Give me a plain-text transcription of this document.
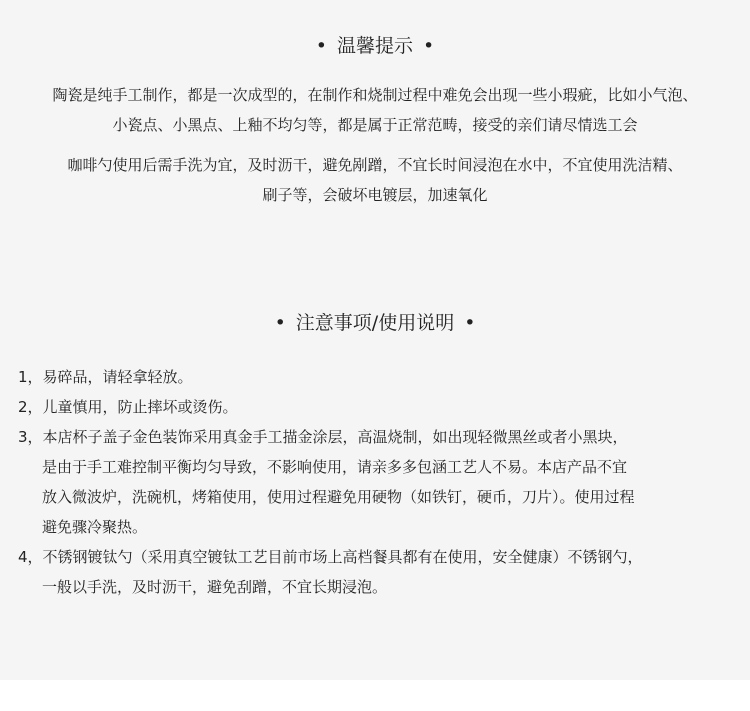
• 温馨提示 •
陶瓷是纯手工制作，都是一次成型的，在制作和烧制过程中难免会出现一些小瑕疵，比如小气泡、
小瓷点、小黑点、上釉不均匀等，都是属于正常范畴，接受的亲们请尽情选工会
咖啡勺使用后需手洗为宜，及时沥干，避免剐蹭，不宜长时间浸泡在水中，不宜使用洗洁精、
刷子等，会破坏电镀层，加速氧化
• 注意事项/使用说明 •
1，易碎品，请轻拿轻放。
2，儿童慎用，防止摔坏或烫伤。
3，本店杯子盖子金色装饰采用真金手工描金涂层，高温烧制，如出现轻微黑丝或者小黑块，
是由于手工难控制平衡均匀导致，不影响使用，请亲多多包涵工艺人不易。本店产品不宜
放入微波炉，洗碗机，烤箱使用，使用过程避免用硬物（如铁钉，硬币，刀片）。使用过程
避免骤冷聚热。
4，不锈钢镀钛勺（采用真空镀钛工艺目前市场上高档餐具都有在使用，安全健康）不锈钢勺，
一般以手洗，及时沥干，避免刮蹭，不宜长期浸泡。
